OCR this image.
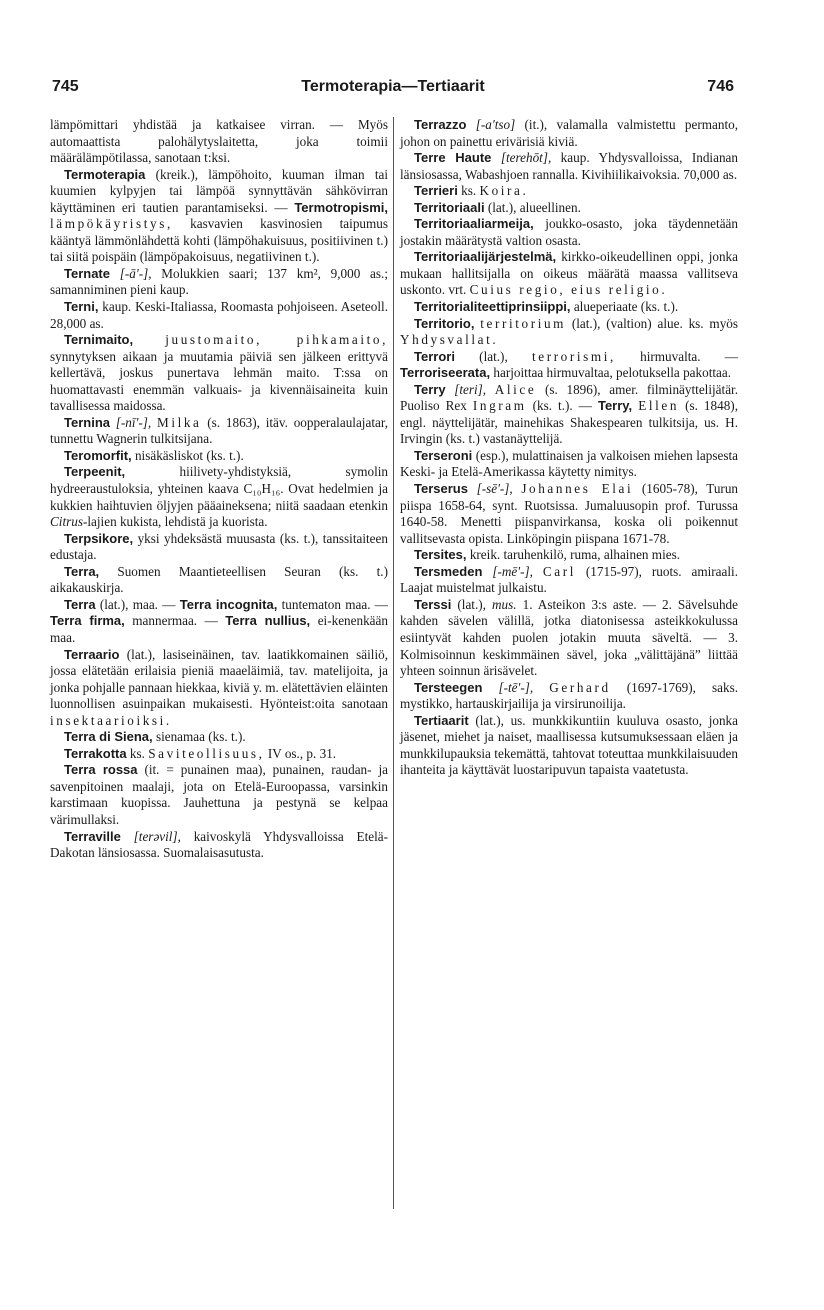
745	Termoterapia—Tertiaarit	746

lämpömittari yhdistää ja katkaisee virran. — Myös automaattista palohälytyslaitetta, joka toimii määrälämpötilassa, sanotaan t:ksi.

Termoterapia (kreik.), lämpöhoito, kuuman ilman tai kuumien kylpyjen tai lämpöä synnyttävän sähkövirran käyttäminen eri tautien parantamiseksi. — Termotropismi, lämpökäyristys, kasvavien kasvinosien taipumus kääntyä lämmönlähdettä kohti (lämpöhakuisuus, positiivinen t.) tai siitä poispäin (lämpöpakoisuus, negatiivinen t.).

Ternate [-ā'-], Molukkien saari; 137 km², 9,000 as.; samanniminen pieni kaup.

Terni, kaup. Keski-Italiassa, Roomasta pohjoiseen. Aseteoll. 28,000 as.

Ternimaito, juustomaito, pihkamaito, synnytyksen aikaan ja muutamia päiviä sen jälkeen erittyvä kellertävä, joskus punertava lehmän maito. T:ssa on huomattavasti enemmän valkuais- ja kivennäisaineita kuin tavallisessa maidossa.

Ternina [-nī'-], Milka (s. 1863), itäv. oopperalaulajatar, tunnettu Wagnerin tulkitsijana.

Teromorfit, nisäkäsliskot (ks. t.).

Terpeenit, hiilivety-yhdistyksiä, symolin hydreeraustuloksia, yhteinen kaava C₁₀H₁₆. Ovat hedelmien ja kukkien haihtuvien öljyjen pääaineksena; niitä saadaan etenkin Citrus-lajien kukista, lehdistä ja kuorista.

Terpsikore, yksi yhdeksästä muusasta (ks. t.), tanssitaiteen edustaja.

Terra, Suomen Maantieteellisen Seuran (ks. t.) aikakauskirja.

Terra (lat.), maa. — Terra incognita, tuntematon maa. — Terra firma, mannermaa. — Terra nullius, ei-kenenkään maa.

Terraario (lat.), lasiseinäinen, tav. laatikkomainen säiliö, jossa elätetään erilaisia pieniä maaeläimiä, tav. matelijoita, ja jonka pohjalle pannaan hiekkaa, kiviä y. m. elätettävien eläinten luonnollisen asuinpaikan mukaisesti. Hyönteist:oita sanotaan insektaarioiksi.

Terra di Siena, sienamaa (ks. t.).

Terrakotta ks. Saviteollisuus, IV os., p. 31.

Terra rossa (it. = punainen maa), punainen, raudan- ja savenpitoinen maalaji, jota on Etelä-Euroopassa, varsinkin karstimaan kuopissa. Jauhettuna ja pestynä se kelpaa värimullaksi.

Terraville [terəvil], kaivoskylä Yhdysvalloissa Etelä-Dakotan länsiosassa. Suomalaisasutusta.

Terrazzo [-a'tso] (it.), valamalla valmistettu permanto, johon on painettu erivärisiä kiviä.

Terre Haute [terehōt], kaup. Yhdysvalloissa, Indianan länsiosassa, Wabashjoen rannalla. Kivihiilikaivoksia. 70,000 as.

Terrieri ks. Koira.

Territoriaali (lat.), alueellinen.

Territoriaaliarmeija, joukko-osasto, joka täydennetään jostakin määrätystä valtion osasta.

Territoriaalijärjestelmä, kirkko-oikeudellinen oppi, jonka mukaan hallitsijalla on oikeus määrätä maassa vallitseva uskonto. vrt. Cuius regio, eius religio.

Territorialiteettiprinsiippi, alueperiaate (ks. t.).

Territorio, territorium (lat.), (valtion) alue. ks. myös Yhdysvallat.

Terrori (lat.), terrorismi, hirmuvalta. — Terroriseerata, harjoittaa hirmuvaltaa, pelotuksella pakottaa.

Terry [teri], Alice (s. 1896), amer. filminäyttelijätär. Puoliso Rex Ingram (ks. t.). — Terry, Ellen (s. 1848), engl. näyttelijätär, mainehikas Shakespearen tulkitsija, us. H. Irvingin (ks. t.) vastanäyttelijä.

Terseroni (esp.), mulattinaisen ja valkoisen miehen lapsesta Keski- ja Etelä-Amerikassa käytetty nimitys.

Terserus [-sē'-], Johannes Elai (1605-78), Turun piispa 1658-64, synt. Ruotsissa. Jumaluusopin prof. Turussa 1640-58. Menetti piispanvirkansa, koska oli poikennut vallitsevasta opista. Linköpingin piispana 1671-78.

Tersites, kreik. taruhenkilö, ruma, alhainen mies.

Tersmeden [-mē'-], Carl (1715-97), ruots. amiraali. Laajat muistelmat julkaistu.

Terssi (lat.), mus. 1. Asteikon 3:s aste. — 2. Sävelsuhde kahden sävelen välillä, jotka diatonisessa asteikkokulussa esiintyvät kahden puolen jotakin muuta säveltä. — 3. Kolmisoinnun keskimmäinen sävel, joka „välittäjänä” liittää yhteen soinnun ärisävelet.

Tersteegen [-tē'-], Gerhard (1697-1769), saks. mystikko, hartauskirjailija ja virsirunoilija.

Tertiaarit (lat.), us. munkkikuntiin kuuluva osasto, jonka jäsenet, miehet ja naiset, maallisessa kutsumuksessaan eläen ja munkkilupauksia tekemättä, tahtovat toteuttaa munkkilaisuuden ihanteita ja käyttävät luostaripuvun tapaista vaatetusta.
